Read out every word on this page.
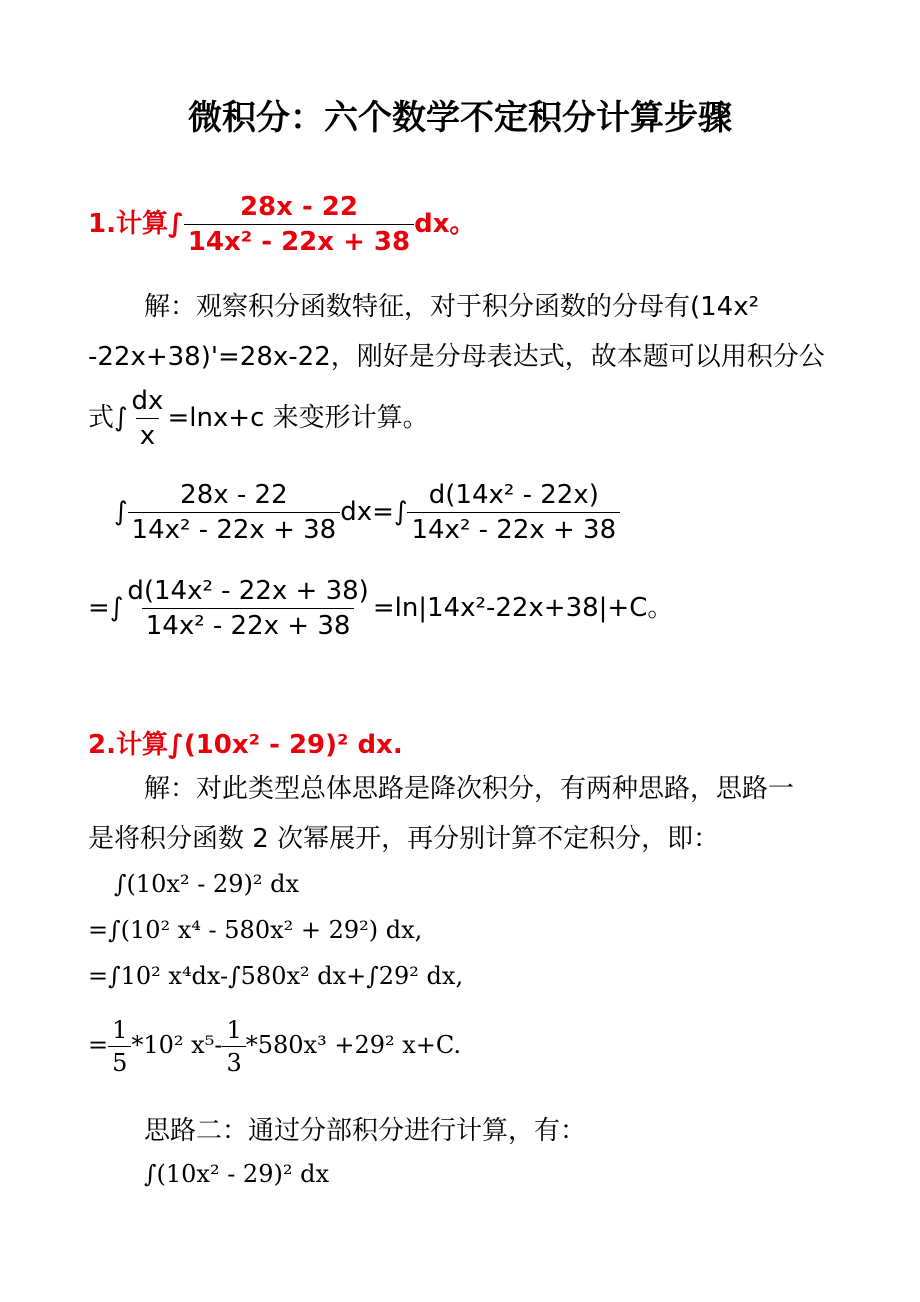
微积分：六个数学不定积分计算步骤
1.计算∫ $\frac{28x - 22}{\text{14x² - 22x + 38}}$ dx。
解：观察积分函数特征，对于积分函数的分母有(14x²
-22x+38)'=28x-22，刚好是分母表达式，故本题可以用积分公
式∫ $\frac{dx}{x} =\ln x+c$ 来变形计算。
∫ $\frac{28x - 22}{\text{14x² - 22x + 38}} dx=\int \frac{\text{d(14x² - 22x)}}{\text{14x² - 22x + 38}}$
=∫ $\frac{\text{d(14x² - 22x + 38)}}{\text{14x² - 22x + 38}} =\ln|14x^2-22x+38|+C$。
2.计算∫(10x² - 29)² dx.
解：对此类型总体思路是降次积分，有两种思路，思路一
是将积分函数 2 次幂展开，再分别计算不定积分，即：
∫(10x² - 29)² dx
=∫(10² x⁴ - 580x² + 29²) dx,
=∫10² x⁴dx-∫580x² dx+∫29² dx,
= $\frac{1}{5} *10^2$ $x^5- \frac{1}{3} *580x^3 +29^2$ x+C.
思路二：通过分部积分进行计算，有：
∫(10x² - 29)² dx
